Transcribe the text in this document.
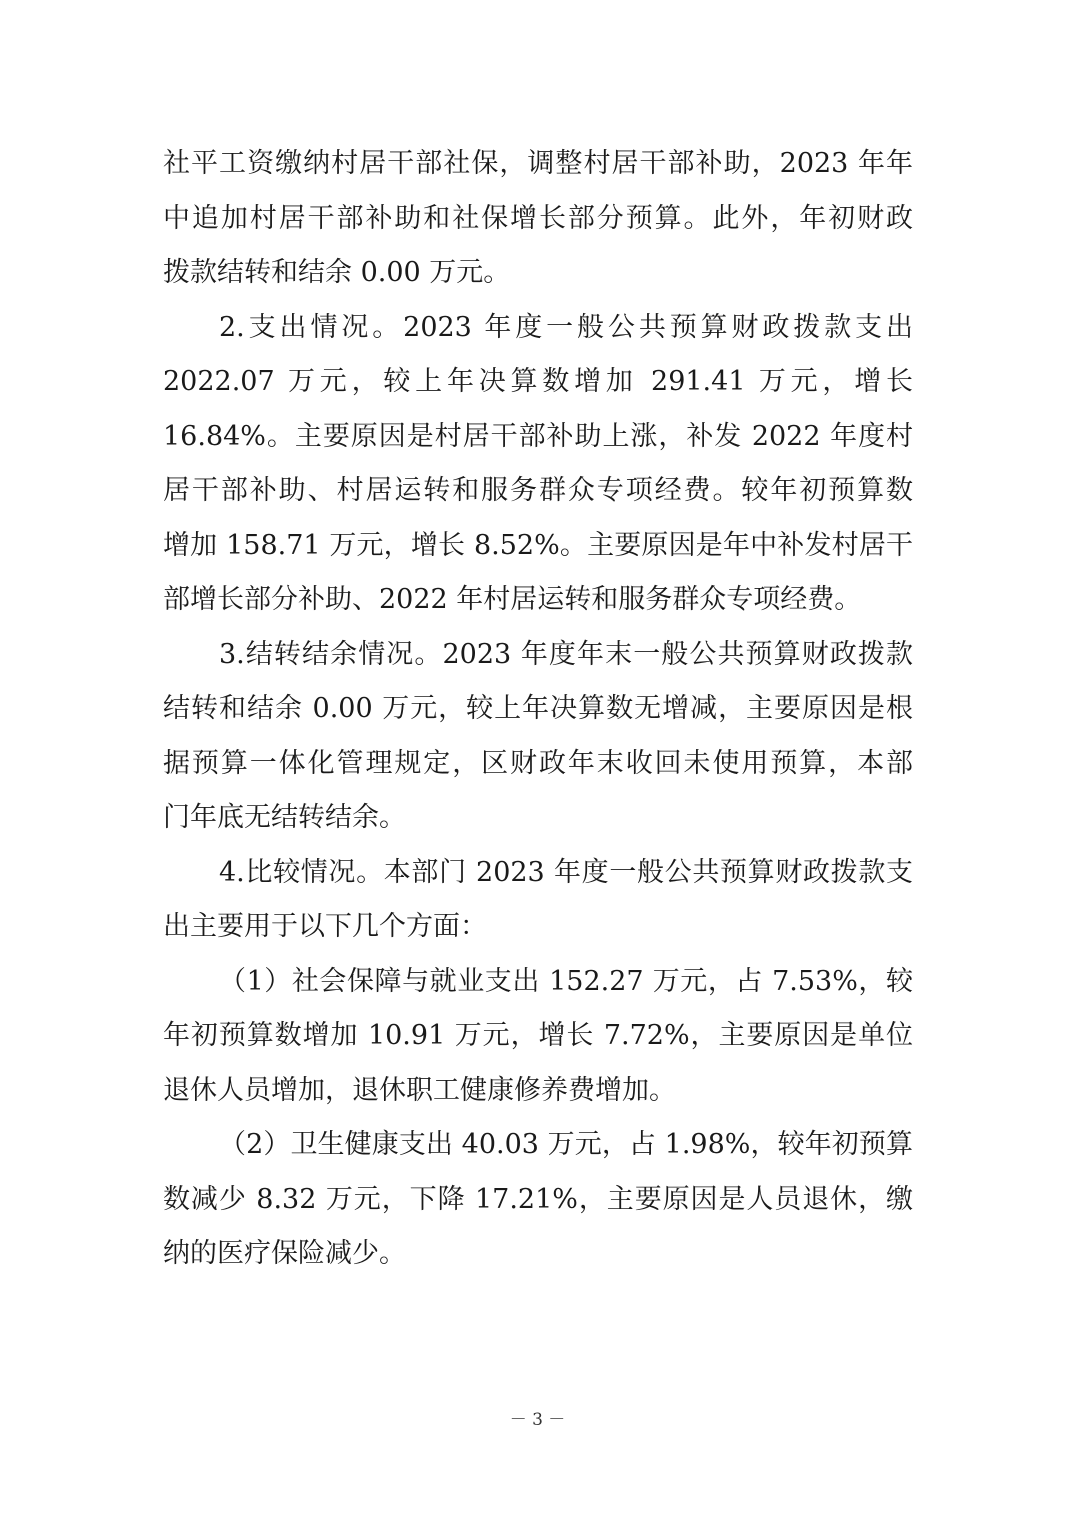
社平工资缴纳村居干部社保，调整村居干部补助，2023 年年
中追加村居干部补助和社保增长部分预算。此外，年初财政
拨款结转和结余 0.00 万元。
2.支出情况。2023 年度一般公共预算财政拨款支出
2022.07 万元，较上年决算数增加 291.41 万元，增长
16.84%。主要原因是村居干部补助上涨，补发 2022 年度村
居干部补助、村居运转和服务群众专项经费。较年初预算数
增加 158.71 万元，增长 8.52%。主要原因是年中补发村居干
部增长部分补助、2022 年村居运转和服务群众专项经费。
3.结转结余情况。2023 年度年末一般公共预算财政拨款
结转和结余 0.00 万元，较上年决算数无增减，主要原因是根
据预算一体化管理规定，区财政年末收回未使用预算，本部
门年底无结转结余。
4.比较情况。本部门 2023 年度一般公共预算财政拨款支
出主要用于以下几个方面：
（1）社会保障与就业支出 152.27 万元，占 7.53%，较
年初预算数增加 10.91 万元，增长 7.72%，主要原因是单位
退休人员增加，退休职工健康修养费增加。
（2）卫生健康支出 40.03 万元，占 1.98%，较年初预算
数减少 8.32 万元，下降 17.21%，主要原因是人员退休，缴
纳的医疗保险减少。
－ 3 －
